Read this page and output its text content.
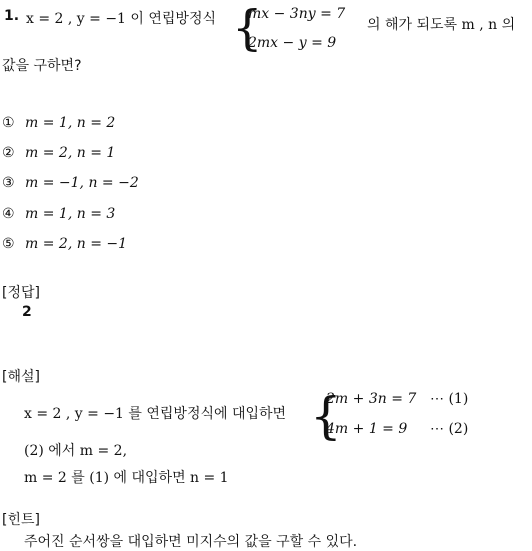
1. x = 2 , y = −1 이 연립방정식 {
mx − 3ny = 7
2mx − y = 9
의 해가 되도록 m , n 의
값을 구하면?
① m = 1, n = 2
② m = 2, n = 1
③ m = −1, n = −2
④ m = 1, n = 3
⑤ m = 2, n = −1
[정답]
2
[해설]
x = 2 , y = −1 를 연립방정식에 대입하면 {
2m + 3n = 7 ⋯ (1)
4m + 1 = 9 ⋯ (2)
(2) 에서 m = 2,
m = 2 를 (1) 에 대입하면 n = 1
[힌트]
주어진 순서쌍을 대입하면 미지수의 값을 구할 수 있다.
